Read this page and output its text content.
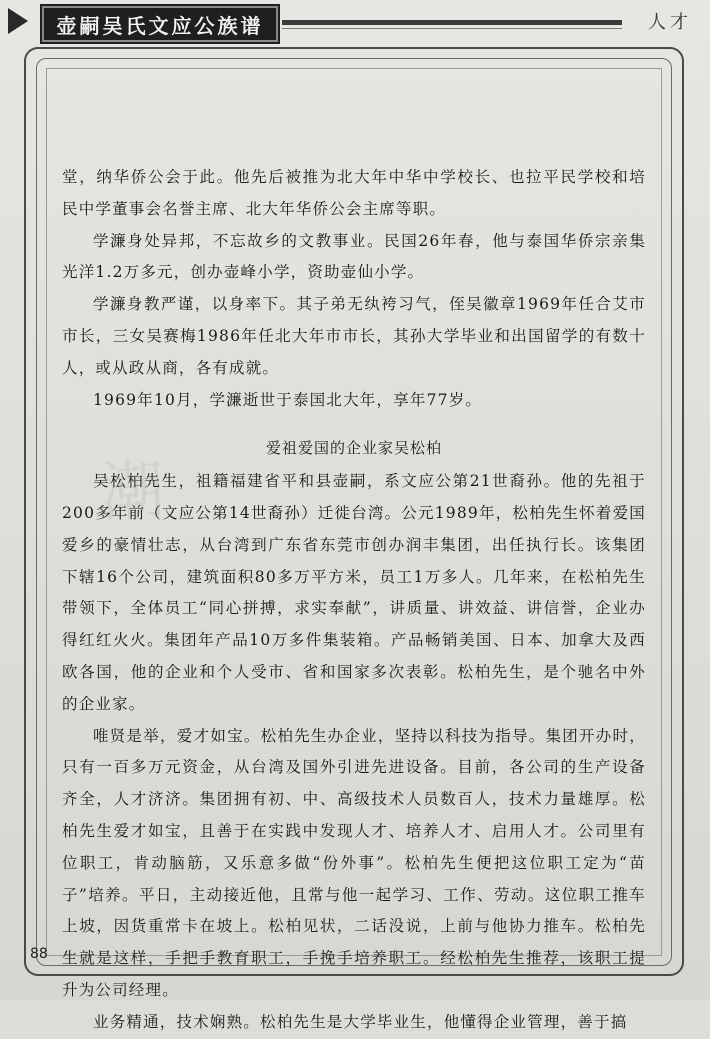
壶嗣吴氏文应公族谱	人才
潮

堂，纳华侨公会于此。他先后被推为北大年中华中学校长、也拉平民学校和培民中学董事会名誉主席、北大年华侨公会主席等职。

学濂身处异邦，不忘故乡的文教事业。民国26年春，他与泰国华侨宗亲集光洋1.2万多元，创办壶峰小学，资助壶仙小学。

学濂身教严谨，以身率下。其子弟无纨袴习气，侄吴徽章1969年任合艾市市长，三女吴赛梅1986年任北大年市市长，其孙大学毕业和出国留学的有数十人，或从政从商，各有成就。

1969年10月，学濂逝世于泰国北大年，享年77岁。

爱祖爱国的企业家吴松柏

吴松柏先生，祖籍福建省平和县壶嗣，系文应公第21世裔孙。他的先祖于200多年前（文应公第14世裔孙）迁徙台湾。公元1989年，松柏先生怀着爱国爱乡的豪情壮志，从台湾到广东省东莞市创办润丰集团，出任执行长。该集团下辖16个公司，建筑面积80多万平方米，员工1万多人。几年来，在松柏先生带领下，全体员工“同心拼搏，求实奉献”，讲质量、讲效益、讲信誉，企业办得红红火火。集团年产品10万多件集装箱。产品畅销美国、日本、加拿大及西欧各国，他的企业和个人受市、省和国家多次表彰。松柏先生，是个驰名中外的企业家。

唯贤是举，爱才如宝。松柏先生办企业，坚持以科技为指导。集团开办时，只有一百多万元资金，从台湾及国外引进先进设备。目前，各公司的生产设备齐全，人才济济。集团拥有初、中、高级技术人员数百人，技术力量雄厚。松柏先生爱才如宝，且善于在实践中发现人才、培养人才、启用人才。公司里有位职工，肯动脑筋，又乐意多做“份外事”。松柏先生便把这位职工定为“苗子”培养。平日，主动接近他，且常与他一起学习、工作、劳动。这位职工推车上坡，因货重常卡在坡上。松柏见状，二话没说，上前与他协力推车。松柏先生就是这样，手把手教育职工，手挽手培养职工。经松柏先生推荐，该职工提升为公司经理。

业务精通，技术娴熟。松柏先生是大学毕业生，他懂得企业管理，善于搞

88
